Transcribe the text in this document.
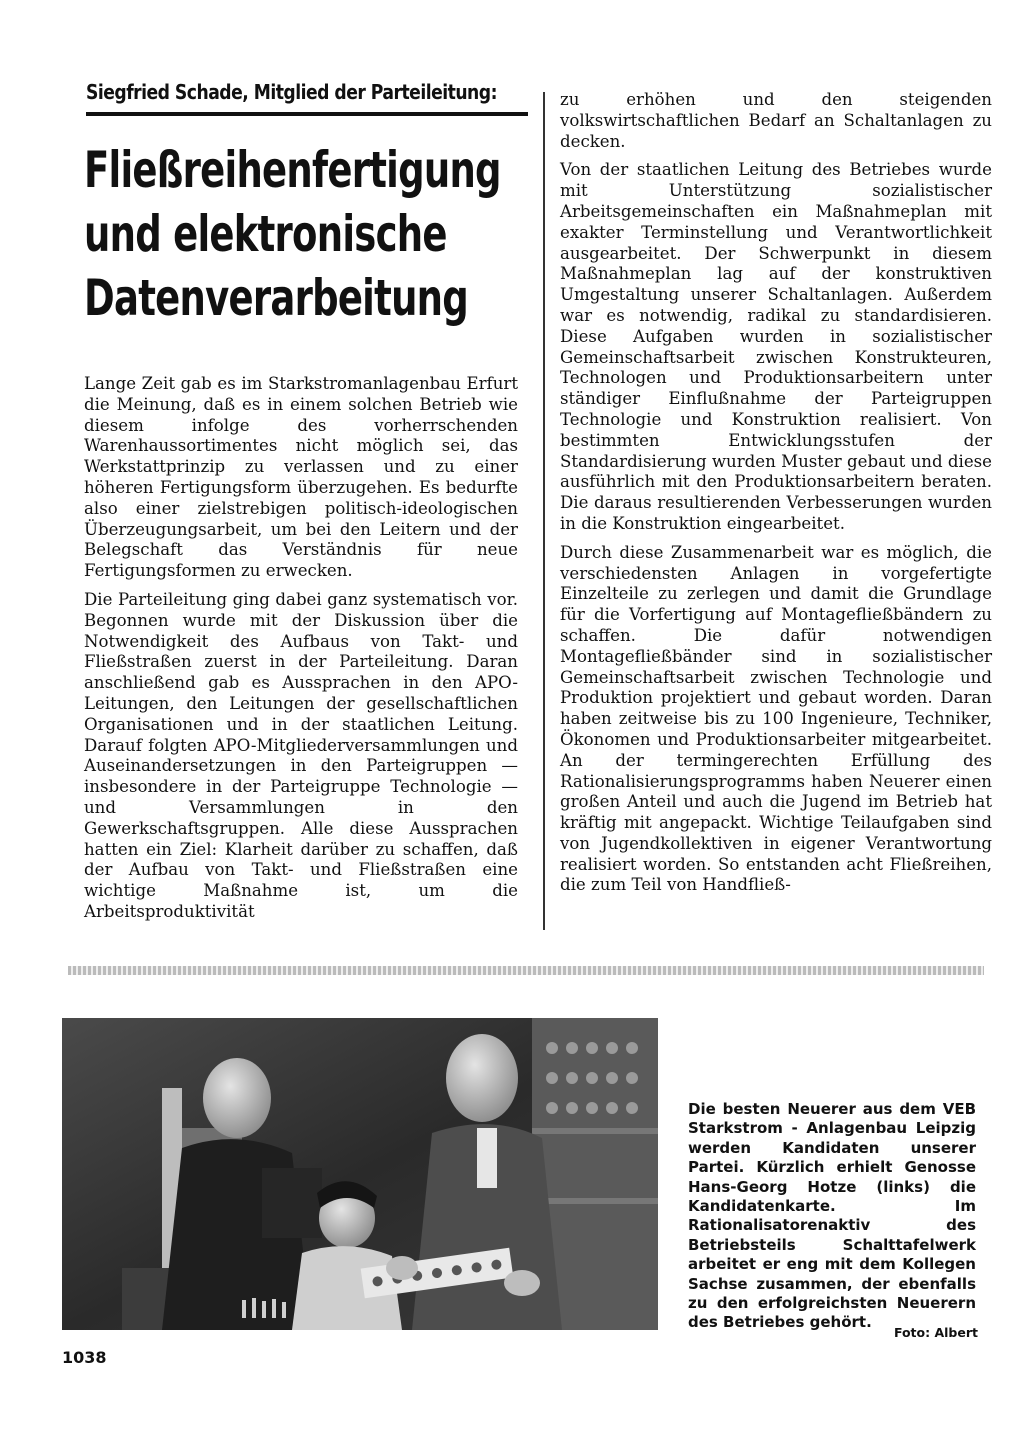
Siegfried Schade, Mitglied der Parteileitung:
Fließreihenfertigung
und elektronische
Datenverarbeitung

Lange Zeit gab es im Starkstromanlagenbau Erfurt die Meinung, daß es in einem solchen Betrieb wie diesem infolge des vorherrschenden Warenhaussortimentes nicht möglich sei, das Werkstattprinzip zu verlassen und zu einer höheren Fertigungsform überzugehen. Es bedurfte also einer zielstrebigen politisch-ideologischen Überzeugungsarbeit, um bei den Leitern und der Belegschaft das Verständnis für neue Fertigungsformen zu erwecken.

Die Parteileitung ging dabei ganz systematisch vor. Begonnen wurde mit der Diskussion über die Notwendigkeit des Aufbaus von Takt- und Fließstraßen zuerst in der Parteileitung. Daran anschließend gab es Aussprachen in den APO-Leitungen, den Leitungen der gesellschaftlichen Organisationen und in der staatlichen Leitung. Darauf folgten APO-Mitgliederversammlungen und Auseinandersetzungen in den Parteigruppen — insbesondere in der Parteigruppe Technologie — und Versammlungen in den Gewerkschaftsgruppen. Alle diese Aussprachen hatten ein Ziel: Klarheit darüber zu schaffen, daß der Aufbau von Takt- und Fließstraßen eine wichtige Maßnahme ist, um die Arbeitsproduktivität

zu erhöhen und den steigenden volkswirtschaftlichen Bedarf an Schaltanlagen zu decken.

Von der staatlichen Leitung des Betriebes wurde mit Unterstützung sozialistischer Arbeitsgemeinschaften ein Maßnahmeplan mit exakter Terminstellung und Verantwortlichkeit ausgearbeitet. Der Schwerpunkt in diesem Maßnahmeplan lag auf der konstruktiven Umgestaltung unserer Schaltanlagen. Außerdem war es notwendig, radikal zu standardisieren. Diese Aufgaben wurden in sozialistischer Gemeinschaftsarbeit zwischen Konstrukteuren, Technologen und Produktionsarbeitern unter ständiger Einflußnahme der Parteigruppen Technologie und Konstruktion realisiert. Von bestimmten Entwicklungsstufen der Standardisierung wurden Muster gebaut und diese ausführlich mit den Produktionsarbeitern beraten. Die daraus resultierenden Verbesserungen wurden in die Konstruktion eingearbeitet.

Durch diese Zusammenarbeit war es möglich, die verschiedensten Anlagen in vorgefertigte Einzelteile zu zerlegen und damit die Grundlage für die Vorfertigung auf Montagefließbändern zu schaffen. Die dafür notwendigen Montagefließbänder sind in sozialistischer Gemeinschaftsarbeit zwischen Technologie und Produktion projektiert und gebaut worden. Daran haben zeitweise bis zu 100 Ingenieure, Techniker, Ökonomen und Produktionsarbeiter mitgearbeitet. An der termingerechten Erfüllung des Rationalisierungsprogramms haben Neuerer einen großen Anteil und auch die Jugend im Betrieb hat kräftig mit angepackt. Wichtige Teilaufgaben sind von Jugendkollektiven in eigener Verantwortung realisiert worden. So entstanden acht Fließreihen, die zum Teil von Handfließ-

Die besten Neuerer aus dem VEB Starkstrom - Anlagenbau Leipzig werden Kandidaten unserer Partei. Kürzlich erhielt Genosse Hans-Georg Hotze (links) die Kandidatenkarte. Im Rationalisatorenaktiv des Betriebsteils Schalttafelwerk arbeitet er eng mit dem Kollegen Sachse zusammen, der ebenfalls zu den erfolgreichsten Neuerern des Betriebes gehört.
Foto: Albert
1038
